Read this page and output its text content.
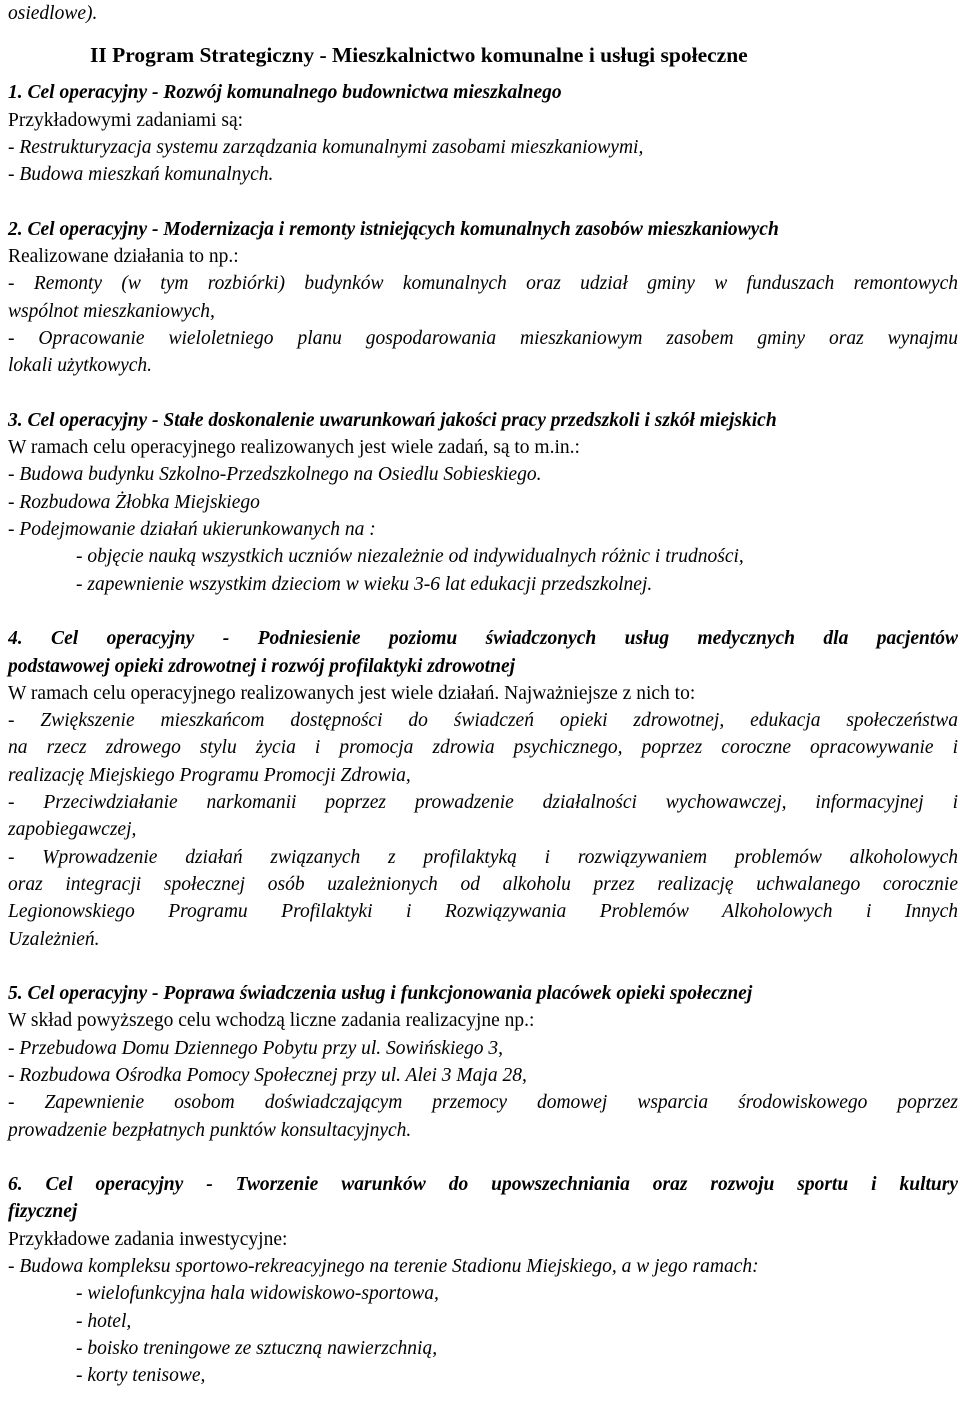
osiedlowe).
II Program Strategiczny - Mieszkalnictwo komunalne i usługi społeczne
1. Cel operacyjny - Rozwój komunalnego budownictwa mieszkalnego
Przykładowymi zadaniami są:
- Restrukturyzacja systemu zarządzania komunalnymi zasobami mieszkaniowymi,
- Budowa mieszkań komunalnych.
2. Cel operacyjny - Modernizacja i remonty istniejących komunalnych zasobów mieszkaniowych
Realizowane działania to np.:
- Remonty (w tym rozbiórki) budynków komunalnych oraz udział gminy w funduszach remontowych
wspólnot mieszkaniowych,
- Opracowanie wieloletniego planu gospodarowania mieszkaniowym zasobem gminy oraz wynajmu
lokali użytkowych.
3. Cel operacyjny - Stałe doskonalenie uwarunkowań jakości pracy przedszkoli i szkół miejskich
W ramach celu operacyjnego realizowanych jest wiele zadań, są to m.in.:
- Budowa budynku Szkolno-Przedszkolnego na Osiedlu Sobieskiego.
- Rozbudowa Żłobka Miejskiego
- Podejmowanie działań ukierunkowanych na :
- objęcie nauką wszystkich uczniów niezależnie od indywidualnych różnic i trudności,
- zapewnienie wszystkim dzieciom w wieku 3-6 lat edukacji przedszkolnej.
4. Cel operacyjny - Podniesienie poziomu świadczonych usług medycznych dla pacjentów
podstawowej opieki zdrowotnej i rozwój profilaktyki zdrowotnej
W ramach celu operacyjnego realizowanych jest wiele działań. Najważniejsze z nich to:
- Zwiększenie mieszkańcom dostępności do świadczeń opieki zdrowotnej, edukacja społeczeństwa
na rzecz zdrowego stylu życia i promocja zdrowia psychicznego, poprzez coroczne opracowywanie i
realizację Miejskiego Programu Promocji Zdrowia,
- Przeciwdziałanie narkomanii poprzez prowadzenie działalności wychowawczej, informacyjnej i
zapobiegawczej,
- Wprowadzenie działań związanych z profilaktyką i rozwiązywaniem problemów alkoholowych
oraz integracji społecznej osób uzależnionych od alkoholu przez realizację uchwalanego corocznie
Legionowskiego Programu Profilaktyki i Rozwiązywania Problemów Alkoholowych i Innych
Uzależnień.
5. Cel operacyjny - Poprawa świadczenia usług i funkcjonowania placówek opieki społecznej
W skład powyższego celu wchodzą liczne zadania realizacyjne np.:
- Przebudowa Domu Dziennego Pobytu przy ul. Sowińskiego 3,
- Rozbudowa Ośrodka Pomocy Społecznej przy ul. Alei 3 Maja 28,
- Zapewnienie osobom doświadczającym przemocy domowej wsparcia środowiskowego poprzez
prowadzenie bezpłatnych punktów konsultacyjnych.
6. Cel operacyjny - Tworzenie warunków do upowszechniania oraz rozwoju sportu i kultury
fizycznej
Przykładowe zadania inwestycyjne:
- Budowa kompleksu sportowo-rekreacyjnego na terenie Stadionu Miejskiego, a w jego ramach:
- wielofunkcyjna hala widowiskowo-sportowa,
- hotel,
- boisko treningowe ze sztuczną nawierzchnią,
- korty tenisowe,
